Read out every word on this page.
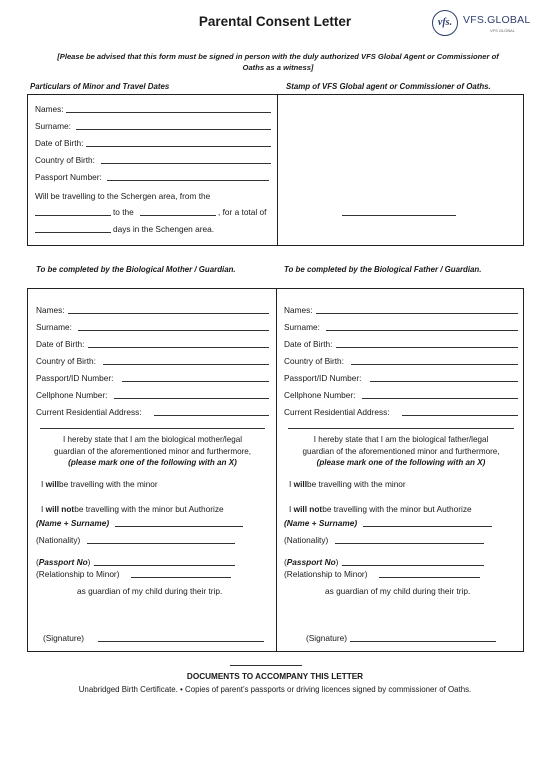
Parental Consent Letter	vfs.	VFS.GLOBAL
VFS GLOBAL
[Please be advised that this form must be signed in person with the duly authorized VFS Global Agent or Commissioner of
Oaths as a witness]
Particulars of Minor and Travel Dates	Stamp of VFS Global agent or Commissioner of Oaths.
Names:
Surname:
Date of Birth:
Country of Birth:
Passport Number:
Will be travelling to the Schergen area, from the
to the	, for a total of
days in the Schengen area.
To be completed by the Biological Mother / Guardian.	To be completed by the Biological Father / Guardian.
Names:
Surname:
Date of Birth:
Country of Birth:
Passport/ID Number:
Cellphone Number:
Current Residential Address:
I hereby state that I am the biological mother/legal
guardian of the aforementioned minor and furthermore,
(please mark one of the following with an X)
I willbe travelling with the minor
I will notbe travelling with the minor but Authorize
(Name + Surname)
(Nationality)
(Passport No)
(Relationship to Minor)
as guardian of my child during their trip.
(Signature)
Names:
Surname:
Date of Birth:
Country of Birth:
Passport/ID Number:
Cellphone Number:
Current Residential Address:
I hereby state that I am the biological father/legal
guardian of the aforementioned minor and furthermore,
(please mark one of the following with an X)
I willbe travelling with the minor
I will notbe travelling with the minor but Authorize
(Name + Surname)
(Nationality)
(Passport No)
(Relationship to Minor)
as guardian of my child during their trip.
(Signature)
DOCUMENTS TO ACCOMPANY THIS LETTER
Unabridged Birth Certificate. • Copies of parent’s passports or driving licences signed by commissioner of Oaths.
